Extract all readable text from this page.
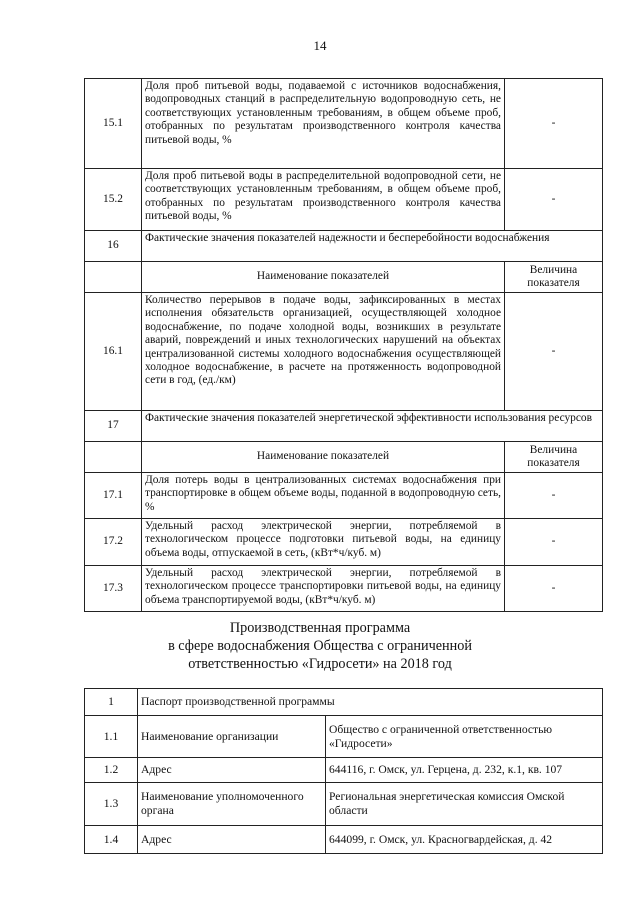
14
15.1	Доля проб питьевой воды, подаваемой с источников водоснабжения, водопроводных станций в распределительную водопроводную сеть, не соответствующих установленным требованиям, в общем объеме проб, отобранных по результатам производственного контроля качества питьевой воды, %	-
15.2	Доля проб питьевой воды в распределительной водопроводной сети, не соответствующих установленным требованиям, в общем объеме проб, отобранных по результатам производственного контроля качества питьевой воды, %	-
16	Фактические значения показателей надежности и бесперебойности водоснабжения	
	Наименование показателей	Величина показателя
16.1	Количество перерывов в подаче воды, зафиксированных в местах исполнения обязательств организацией, осуществляющей холодное водоснабжение, по подаче холодной воды, возникших в результате аварий, повреждений и иных технологических нарушений на объектах централизованной системы холодного водоснабжения осуществляющей холодное водоснабжение, в расчете на протяженность водопроводной сети в год, (ед./км)	-
17	Фактические значения показателей энергетической эффективности использования ресурсов	
	Наименование показателей	Величина показателя
17.1	Доля потерь воды в централизованных системах водоснабжения при транспортировке в общем объеме воды, поданной в водопроводную сеть, %	-
17.2	Удельный расход электрической энергии, потребляемой в технологическом процессе подготовки питьевой воды, на единицу объема воды, отпускаемой в сеть, (кВт*ч/куб. м)	-
17.3	Удельный расход электрической энергии, потребляемой в технологическом процессе транспортировки питьевой воды, на единицу объема транспортируемой воды, (кВт*ч/куб. м)	-
Производственная программа
в сфере водоснабжения Общества с ограниченной
ответственностью «Гидросети» на 2018 год
1	Паспорт производственной программы	
1.1	Наименование организации	Общество с ограниченной ответственностью «Гидросети»
1.2	Адрес	644116, г. Омск, ул. Герцена, д. 232, к.1, кв. 107
1.3	Наименование уполномоченного органа	Региональная энергетическая комиссия Омской области
1.4	Адрес	644099, г. Омск, ул. Красногвардейская, д. 42
